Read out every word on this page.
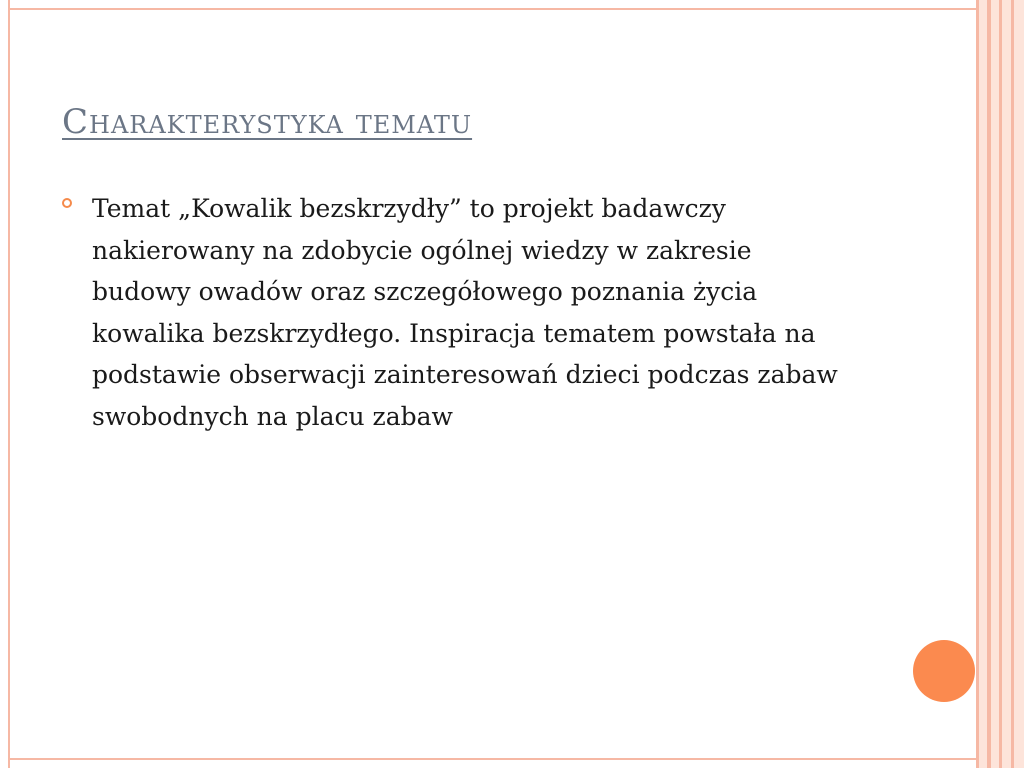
Charakterystyka tematu

Temat „Kowalik bezskrzydły” to projekt badawczy nakierowany na zdobycie ogólnej wiedzy w zakresie budowy owadów oraz szczegółowego poznania życia kowalika bezskrzydłego. Inspiracja tematem powstała na podstawie obserwacji zainteresowań dzieci podczas zabaw swobodnych na placu zabaw
